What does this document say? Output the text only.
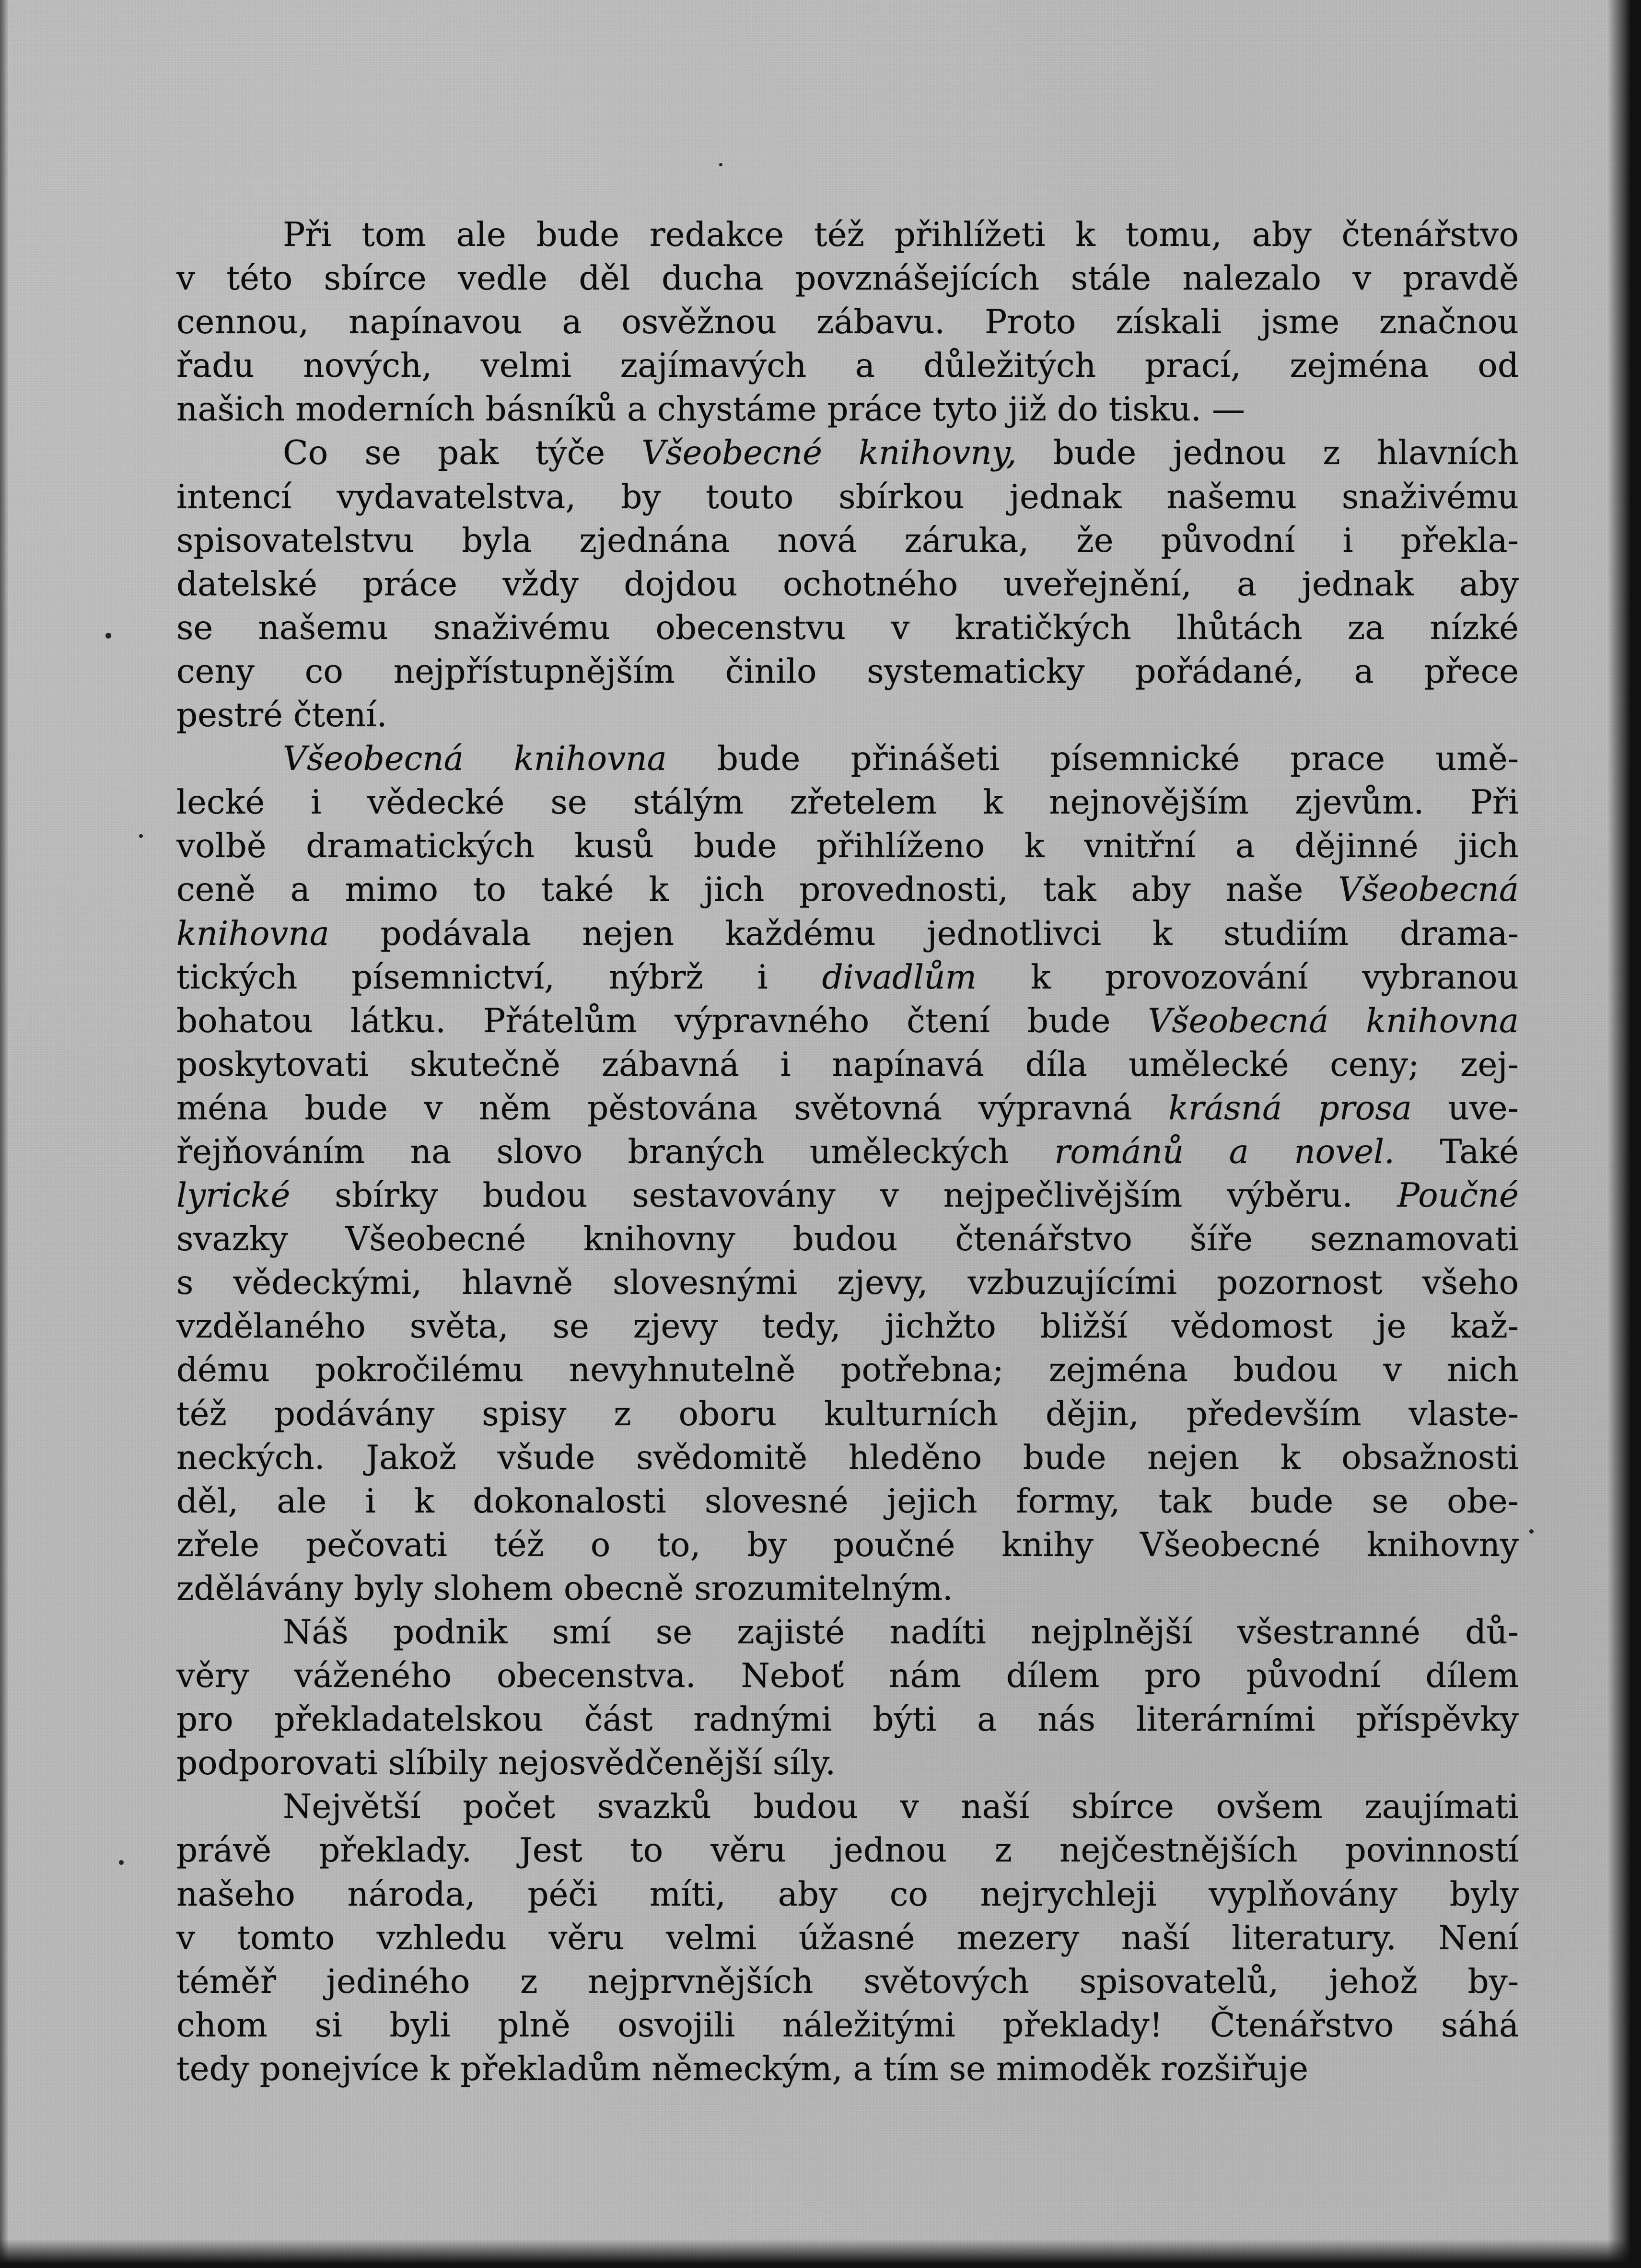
Při tom ale bude redakce též přihlížeti k tomu, aby čtenářstvo
v této sbírce vedle děl ducha povznášejících stále nalezalo v pravdě
cennou, napínavou a osvěžnou zábavu. Proto získali jsme značnou
řadu nových, velmi zajímavých a důležitých prací, zejména od
našich moderních básníků a chystáme práce tyto již do tisku. —
Co se pak týče Všeobecné knihovny, bude jednou z hlavních
intencí vydavatelstva, by touto sbírkou jednak našemu snaživému
spisovatelstvu byla zjednána nová záruka, že původní i překla-
datelské práce vždy dojdou ochotného uveřejnění, a jednak aby
se našemu snaživému obecenstvu v kratičkých lhůtách za nízké
ceny co nejpřístupnějším činilo systematicky pořádané, a přece
pestré čtení.
Všeobecná knihovna bude přinášeti písemnické prace umě-
lecké i vědecké se stálým zřetelem k nejnovějším zjevům. Při
volbě dramatických kusů bude přihlíženo k vnitřní a dějinné jich
ceně a mimo to také k jich provednosti, tak aby naše Všeobecná
knihovna podávala nejen každému jednotlivci k studiím drama-
tických písemnictví, nýbrž i divadlům k provozování vybranou
bohatou látku. Přátelům výpravného čtení bude Všeobecná knihovna
poskytovati skutečně zábavná i napínavá díla umělecké ceny; zej-
ména bude v něm pěstována světovná výpravná krásná prosa uve-
řejňováním na slovo braných uměleckých románů a novel. Také
lyrické sbírky budou sestavovány v nejpečlivějším výběru. Poučné
svazky Všeobecné knihovny budou čtenářstvo šíře seznamovati
s vědeckými, hlavně slovesnými zjevy, vzbuzujícími pozornost všeho
vzdělaného světa, se zjevy tedy, jichžto bližší vědomost je kaž-
dému pokročilému nevyhnutelně potřebna; zejména budou v nich
též podávány spisy z oboru kulturních dějin, především vlaste-
neckých. Jakož všude svědomitě hleděno bude nejen k obsažnosti
děl, ale i k dokonalosti slovesné jejich formy, tak bude se obe-
zřele pečovati též o to, by poučné knihy Všeobecné knihovny
zdělávány byly slohem obecně srozumitelným.
Náš podnik smí se zajisté nadíti nejplnější všestranné dů-
věry váženého obecenstva. Neboť nám dílem pro původní dílem
pro překladatelskou část radnými býti a nás literárními příspěvky
podporovati slíbily nejosvědčenější síly.
Největší počet svazků budou v naší sbírce ovšem zaujímati
právě překlady. Jest to věru jednou z nejčestnějších povinností
našeho národa, péči míti, aby co nejrychleji vyplňovány byly
v tomto vzhledu věru velmi úžasné mezery naší literatury. Není
téměř jediného z nejprvnějších světových spisovatelů, jehož by-
chom si byli plně osvojili náležitými překlady! Čtenářstvo sáhá
tedy ponejvíce k překladům německým, a tím se mimoděk rozšiřuje
